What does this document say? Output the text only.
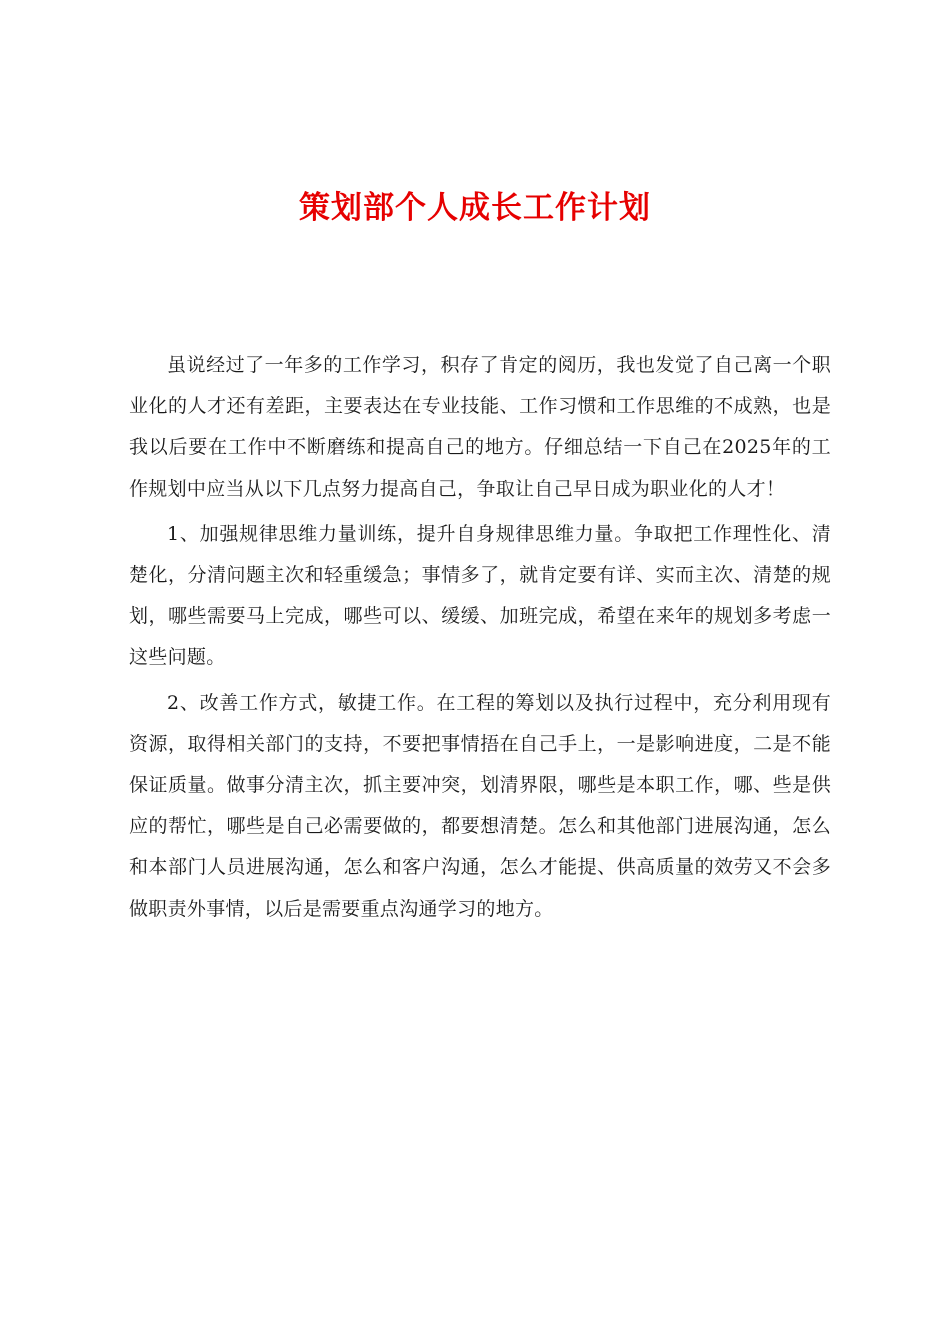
策划部个人成长工作计划

虽说经过了一年多的工作学习，积存了肯定的阅历，我也发觉了自己离一个职业化的人才还有差距，主要表达在专业技能、工作习惯和工作思维的不成熟，也是我以后要在工作中不断磨练和提高自己的地方。仔细总结一下自己在2025年的工作规划中应当从以下几点努力提高自己，争取让自己早日成为职业化的人才！

1、加强规律思维力量训练，提升自身规律思维力量。争取把工作理性化、清楚化，分清问题主次和轻重缓急；事情多了，就肯定要有详、实而主次、清楚的规划，哪些需要马上完成，哪些可以、缓缓、加班完成，希望在来年的规划多考虑一这些问题。

2、改善工作方式，敏捷工作。在工程的筹划以及执行过程中，充分利用现有资源，取得相关部门的支持，不要把事情捂在自己手上，一是影响进度，二是不能保证质量。做事分清主次，抓主要冲突，划清界限，哪些是本职工作，哪、些是供应的帮忙，哪些是自己必需要做的，都要想清楚。怎么和其他部门进展沟通，怎么和本部门人员进展沟通，怎么和客户沟通，怎么才能提、供高质量的效劳又不会多做职责外事情，以后是需要重点沟通学习的地方。
